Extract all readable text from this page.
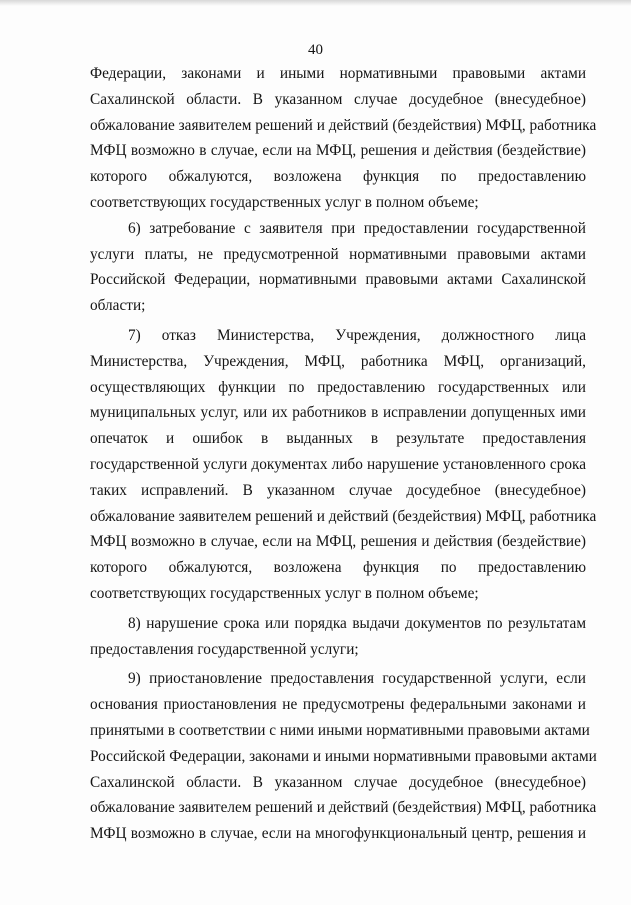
40
Федерации, законами и иными нормативными правовыми актами
Сахалинской области. В указанном случае досудебное (внесудебное)
обжалование заявителем решений и действий (бездействия) МФЦ, работника
МФЦ возможно в случае, если на МФЦ, решения и действия (бездействие)
которого обжалуются, возложена функция по предоставлению
соответствующих государственных услуг в полном объеме;
6) затребование с заявителя при предоставлении государственной
услуги платы, не предусмотренной нормативными правовыми актами
Российской Федерации, нормативными правовыми актами Сахалинской
области;
7) отказ Министерства, Учреждения, должностного лица
Министерства, Учреждения, МФЦ, работника МФЦ, организаций,
осуществляющих функции по предоставлению государственных или
муниципальных услуг, или их работников в исправлении допущенных ими
опечаток и ошибок в выданных в результате предоставления
государственной услуги документах либо нарушение установленного срока
таких исправлений. В указанном случае досудебное (внесудебное)
обжалование заявителем решений и действий (бездействия) МФЦ, работника
МФЦ возможно в случае, если на МФЦ, решения и действия (бездействие)
которого обжалуются, возложена функция по предоставлению
соответствующих государственных услуг в полном объеме;
8) нарушение срока или порядка выдачи документов по результатам
предоставления государственной услуги;
9) приостановление предоставления государственной услуги, если
основания приостановления не предусмотрены федеральными законами и
принятыми в соответствии с ними иными нормативными правовыми актами
Российской Федерации, законами и иными нормативными правовыми актами
Сахалинской области. В указанном случае досудебное (внесудебное)
обжалование заявителем решений и действий (бездействия) МФЦ, работника
МФЦ возможно в случае, если на многофункциональный центр, решения и
